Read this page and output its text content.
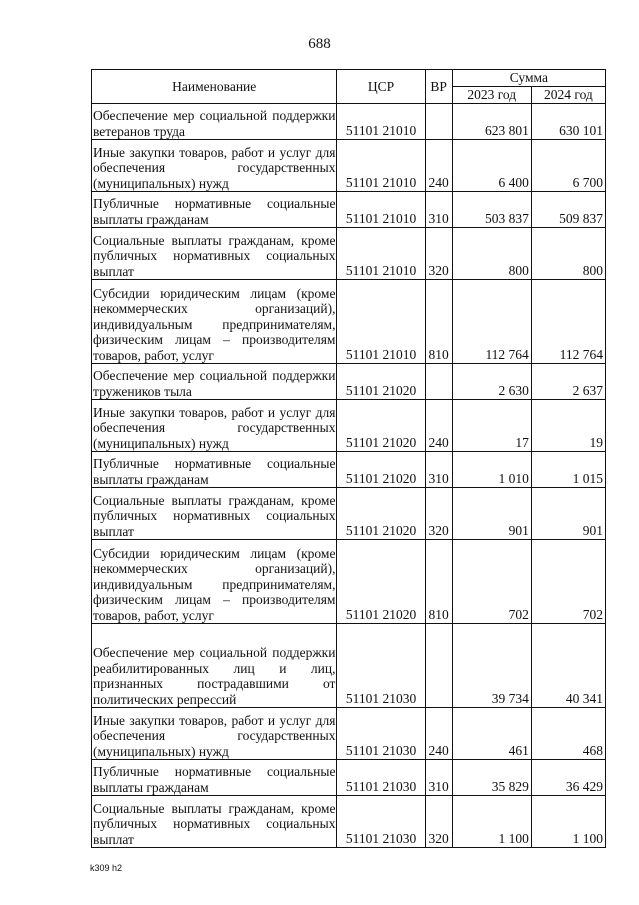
688
Наименование	ЦСР	ВР	Сумма	
			2023 год	2024 год
Обеспечение мер социальной поддержки ветеранов труда	51101 21010		623 801	630 101
Иные закупки товаров, работ и услуг для обеспечения государственных (муниципальных) нужд	51101 21010	240	6 400	6 700
Публичные нормативные социальные выплаты гражданам	51101 21010	310	503 837	509 837
Социальные выплаты гражданам, кроме публичных нормативных социальных выплат	51101 21010	320	800	800
Субсидии юридическим лицам (кроме некоммерческих организаций), индивидуальным предпринимателям, физическим лицам – производителям товаров, работ, услуг	51101 21010	810	112 764	112 764
Обеспечение мер социальной поддержки тружеников тыла	51101 21020		2 630	2 637
Иные закупки товаров, работ и услуг для обеспечения государственных (муниципальных) нужд	51101 21020	240	17	19
Публичные нормативные социальные выплаты гражданам	51101 21020	310	1 010	1 015
Социальные выплаты гражданам, кроме публичных нормативных социальных выплат	51101 21020	320	901	901
Субсидии юридическим лицам (кроме некоммерческих организаций), индивидуальным предпринимателям, физическим лицам – производителям товаров, работ, услуг	51101 21020	810	702	702
Обеспечение мер социальной поддержки реабилитированных лиц и лиц, признанных пострадавшими от политических репрессий	51101 21030		39 734	40 341
Иные закупки товаров, работ и услуг для обеспечения государственных (муниципальных) нужд	51101 21030	240	461	468
Публичные нормативные социальные выплаты гражданам	51101 21030	310	35 829	36 429
Социальные выплаты гражданам, кроме публичных нормативных социальных выплат	51101 21030	320	1 100	1 100
k309 h2
